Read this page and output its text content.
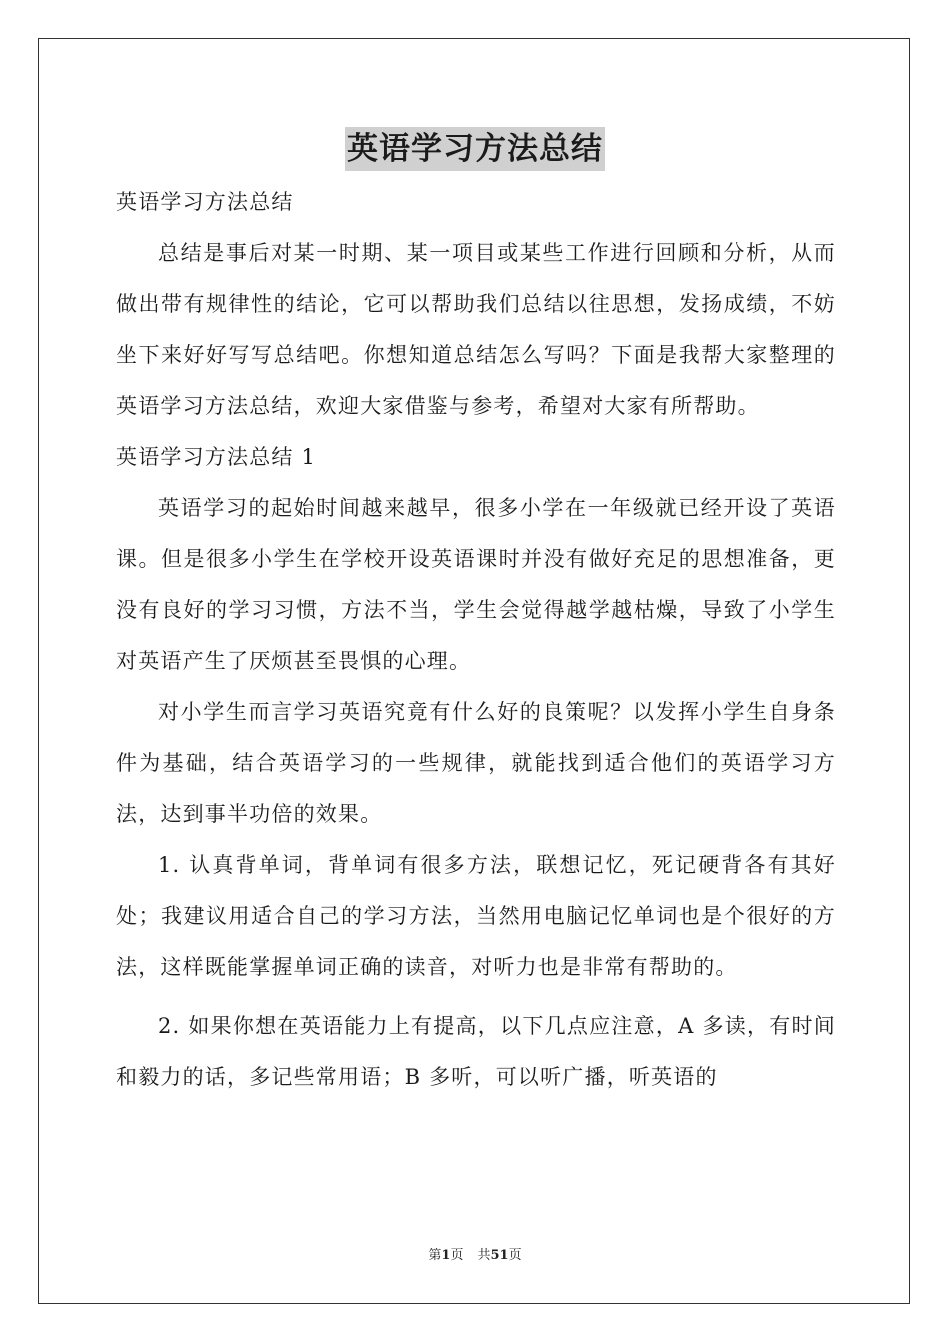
英语学习方法总结

英语学习方法总结

总结是事后对某一时期、某一项目或某些工作进行回顾和分析，从而做出带有规律性的结论，它可以帮助我们总结以往思想，发扬成绩，不妨坐下来好好写写总结吧。你想知道总结怎么写吗？下面是我帮大家整理的英语学习方法总结，欢迎大家借鉴与参考，希望对大家有所帮助。

英语学习方法总结 1

英语学习的起始时间越来越早，很多小学在一年级就已经开设了英语课。但是很多小学生在学校开设英语课时并没有做好充足的思想准备，更没有良好的学习习惯，方法不当，学生会觉得越学越枯燥，导致了小学生对英语产生了厌烦甚至畏惧的心理。

对小学生而言学习英语究竟有什么好的良策呢？以发挥小学生自身条件为基础，结合英语学习的一些规律，就能找到适合他们的英语学习方法，达到事半功倍的效果。

1. 认真背单词，背单词有很多方法，联想记忆，死记硬背各有其好处；我建议用适合自己的学习方法，当然用电脑记忆单词也是个很好的方法，这样既能掌握单词正确的读音，对听力也是非常有帮助的。

2. 如果你想在英语能力上有提高，以下几点应注意，A 多读，有时间和毅力的话，多记些常用语；B 多听，可以听广播，听英语的

第1页 共51页
